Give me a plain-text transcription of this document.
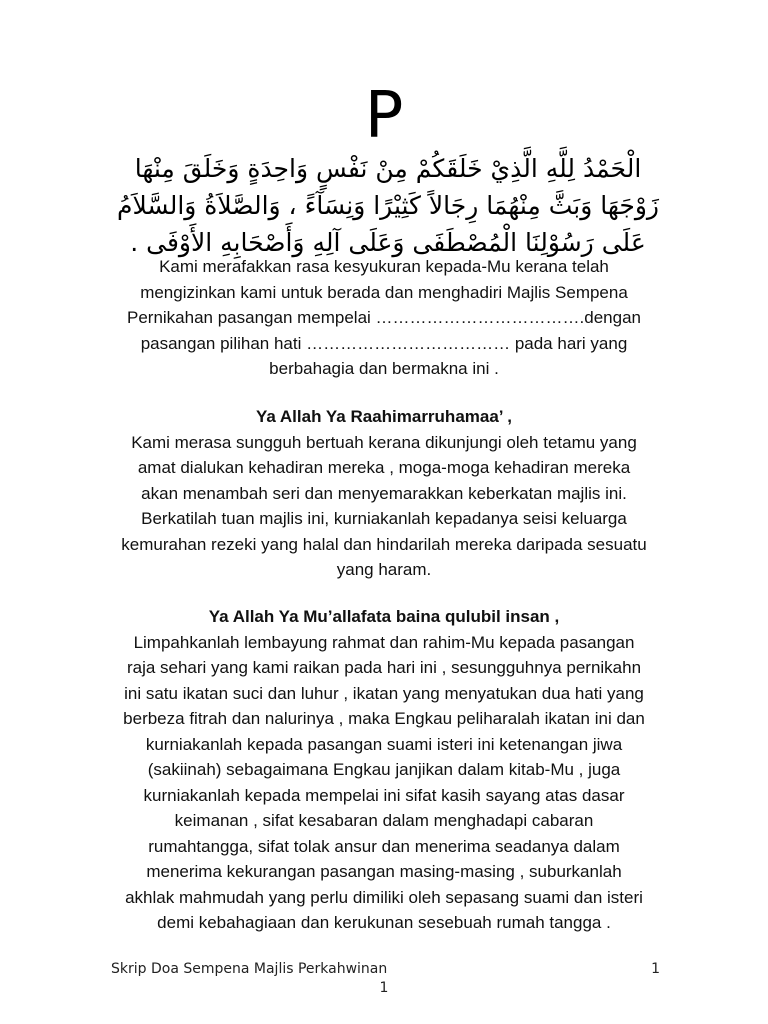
P
الْحَمْدُ لِلَّهِ الَّذِيْ خَلَقَكُمْ مِنْ نَفْسٍ وَاحِدَةٍ وَخَلَقَ مِنْهَا
زَوْجَهَا وَبَثَّ مِنْهُمَا رِجَالاً كَثِيْرًا وَنِسَآءً ، وَالصَّلاَةُ وَالسَّلاَمُ
عَلَى رَسُوْلِنَا الْمُصْطَفَى وَعَلَى آلِهِ وَأَصْحَابِهِ الأَوْفَى .
Kami merafakkan rasa kesyukuran kepada-Mu kerana telah
mengizinkan kami untuk berada dan menghadiri Majlis Sempena
Pernikahan pasangan mempelai ……………………………….dengan
pasangan pilihan hati ……………………………… pada hari yang
berbahagia dan bermakna ini .
Ya Allah Ya Raahimarruhamaa’ ,
Kami merasa sungguh bertuah kerana dikunjungi oleh tetamu yang
amat dialukan kehadiran mereka , moga-moga kehadiran mereka
akan menambah seri dan menyemarakkan keberkatan majlis ini.
Berkatilah tuan majlis ini, kurniakanlah kepadanya seisi keluarga
kemurahan rezeki yang halal dan hindarilah mereka daripada sesuatu
yang haram.
Ya Allah Ya Mu’allafata baina qulubil insan ,
Limpahkanlah lembayung rahmat dan rahim-Mu kepada pasangan
raja sehari yang kami raikan pada hari ini , sesungguhnya pernikahn
ini satu ikatan suci dan luhur , ikatan yang menyatukan dua hati yang
berbeza fitrah dan nalurinya , maka Engkau peliharalah ikatan ini dan
kurniakanlah kepada pasangan suami isteri ini ketenangan jiwa
(sakiinah) sebagaimana Engkau janjikan dalam kitab-Mu , juga
kurniakanlah kepada mempelai ini sifat kasih sayang atas dasar
keimanan , sifat kesabaran dalam menghadapi cabaran
rumahtangga, sifat tolak ansur dan menerima seadanya dalam
menerima kekurangan pasangan masing-masing , suburkanlah
akhlak mahmudah yang perlu dimiliki oleh sepasang suami dan isteri
demi kebahagiaan dan kerukunan sesebuah rumah tangga .
Skrip Doa Sempena Majlis Perkahwinan	1
1
